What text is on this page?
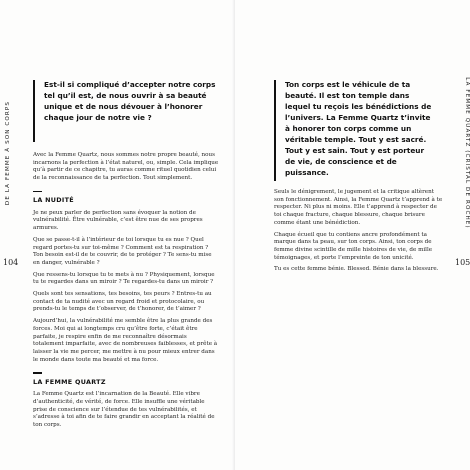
DE LA FEMME À SON CORPS
104
Est-il si compliqué d’accepter notre corps tel qu’il est, de nous ouvrir à sa beauté unique et de nous dévouer à l’honorer chaque jour de notre vie ?

Avec la Femme Quartz, nous sommes notre propre beauté, nous incarnons la perfection à l’état naturel, ou, simple. Cela implique qu’à partir de ce chapitre, tu auras comme rituel quotidien celui de la reconnaissance de ta perfection. Tout simplement.

LA NUDITÉ

Je ne peux parler de perfection sans évoquer la notion de vulnérabilité. Être vulnérable, c’est être nue de ses propres armures.

Que se passe-t-il à l’intérieur de toi lorsque tu es nue ? Quel regard portes-tu sur toi-même ? Comment est ta respiration ? Ton besoin est-il de te couvrir, de te protéger ? Te sens-tu mise en danger, vulnérable ?

Que ressens-tu lorsque tu te mets à nu ? Physiquement, lorsque tu te regardes dans un miroir ? Te regardes-tu dans un miroir ?

Quels sont tes sensations, tes besoins, tes peurs ? Entres-tu au contact de ta nudité avec un regard froid et protocolaire, ou prends-tu le temps de t’observer, de t’honorer, de t’aimer ?

Aujourd’hui, la vulnérabilité me semble être la plus grande des forces. Moi qui ai longtemps cru qu’être forte, c’était être parfaite, je respire enfin de me reconnaître désormais totalement imparfaite, avec de nombreuses faiblesses, et prête à laisser la vie me percer, me mettre à nu pour mieux entrer dans le monde dans toute ma beauté et ma force.

LA FEMME QUARTZ

La Femme Quartz est l’incarnation de la Beauté. Elle vibre d’authenticité, de vérité, de force. Elle insuffle une véritable prise de conscience sur l’étendue de tes vulnérabilités, et s’adresse à toi afin de te faire grandir en acceptant la réalité de ton corps.

LA FEMME QUARTZ (CRISTAL DE ROCHE)
105
Ton corps est le véhicule de ta beauté. Il est ton temple dans lequel tu reçois les bénédictions de l’univers. La Femme Quartz t’invite à honorer ton corps comme un véritable temple. Tout y est sacré. Tout y est sain. Tout y est porteur de vie, de conscience et de puissance.

Seuls le dénigrement, le jugement et la critique altèrent son fonctionnement. Ainsi, la Femme Quartz t’apprend à te respecter. Ni plus ni moins. Elle t’apprend à respecter de toi chaque fracture, chaque blessure, chaque brisure comme étant une bénédiction.

Chaque écueil que tu contiens ancre profondément ta marque dans ta peau, sur ton corps. Ainsi, ton corps de femme divine scintille de mille histoires de vie, de mille témoignages, et porte l’empreinte de ton unicité.

Tu es cette femme bénie. Blessed. Bénie dans la blessure.
